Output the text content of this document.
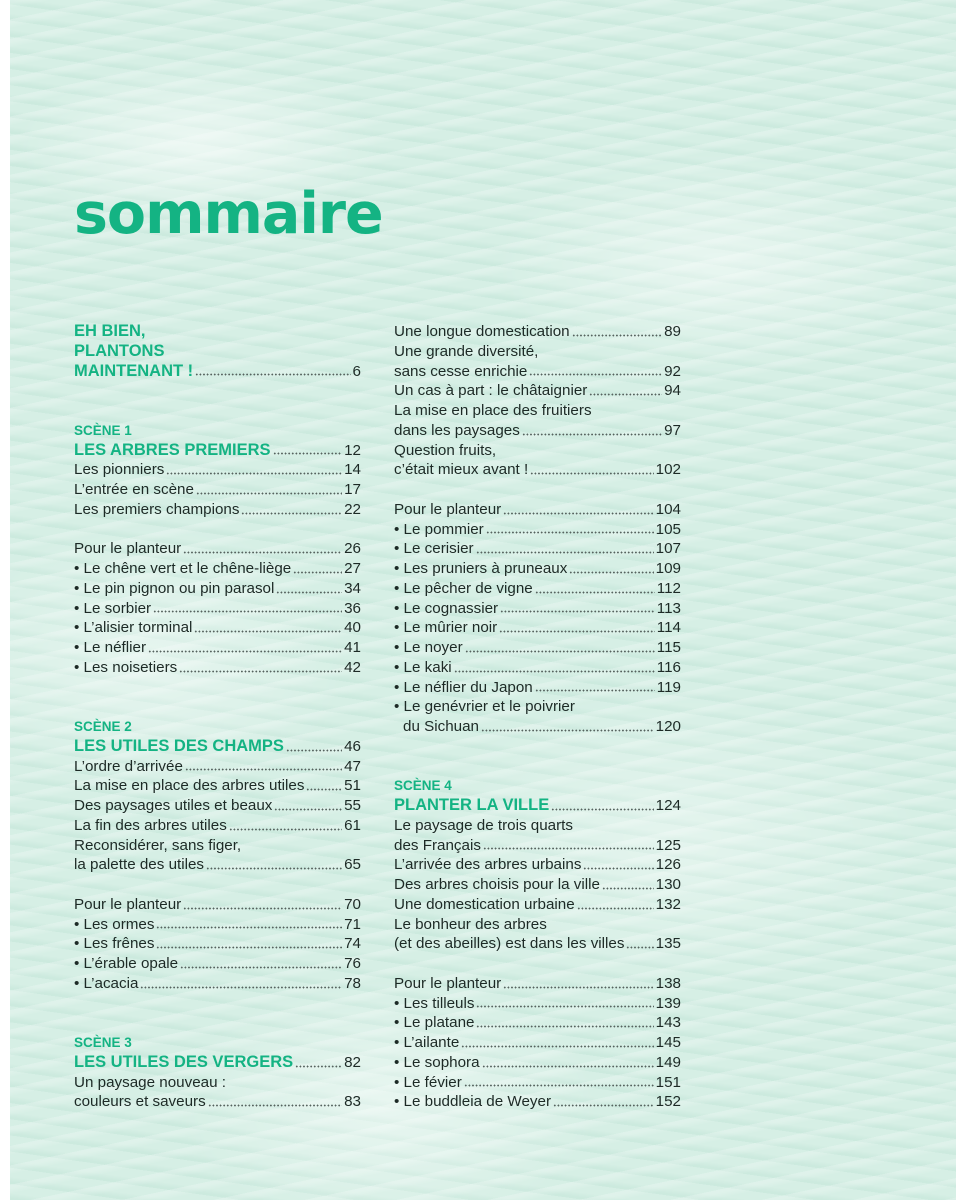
sommaire
EH BIEN,
PLANTONS
MAINTENANT !	6
SCÈNE 1
LES ARBRES PREMIERS	12
Les pionniers	14
L’entrée en scène	17
Les premiers champions	22
Pour le planteur	26
• Le chêne vert et le chêne-liège	27
• Le pin pignon ou pin parasol	34
• Le sorbier	36
• L’alisier torminal	40
• Le néflier	41
• Les noisetiers	42
SCÈNE 2
LES UTILES DES CHAMPS	46
L’ordre d’arrivée	47
La mise en place des arbres utiles	51
Des paysages utiles et beaux	55
La fin des arbres utiles	61
Reconsidérer, sans figer,
la palette des utiles	65
Pour le planteur	70
• Les ormes	71
• Les frênes	74
• L’érable opale	76
• L’acacia	78
SCÈNE 3
LES UTILES DES VERGERS	82
Un paysage nouveau :
couleurs et saveurs	83
Une longue domestication	89
Une grande diversité,
sans cesse enrichie	92
Un cas à part : le châtaignier	94
La mise en place des fruitiers
dans les paysages	97
Question fruits,
c’était mieux avant !	102
Pour le planteur	104
• Le pommier	105
• Le cerisier	107
• Les pruniers à pruneaux	109
• Le pêcher de vigne	112
• Le cognassier	113
• Le mûrier noir	114
• Le noyer	115
• Le kaki	116
• Le néflier du Japon	119
• Le genévrier et le poivrier
du Sichuan	120
SCÈNE 4
PLANTER LA VILLE	124
Le paysage de trois quarts
des Français	125
L’arrivée des arbres urbains	126
Des arbres choisis pour la ville	130
Une domestication urbaine	132
Le bonheur des arbres
(et des abeilles) est dans les villes 135
Pour le planteur	138
• Les tilleuls	139
• Le platane	143
• L’ailante	145
• Le sophora	149
• Le févier	151
• Le buddleia de Weyer	152
